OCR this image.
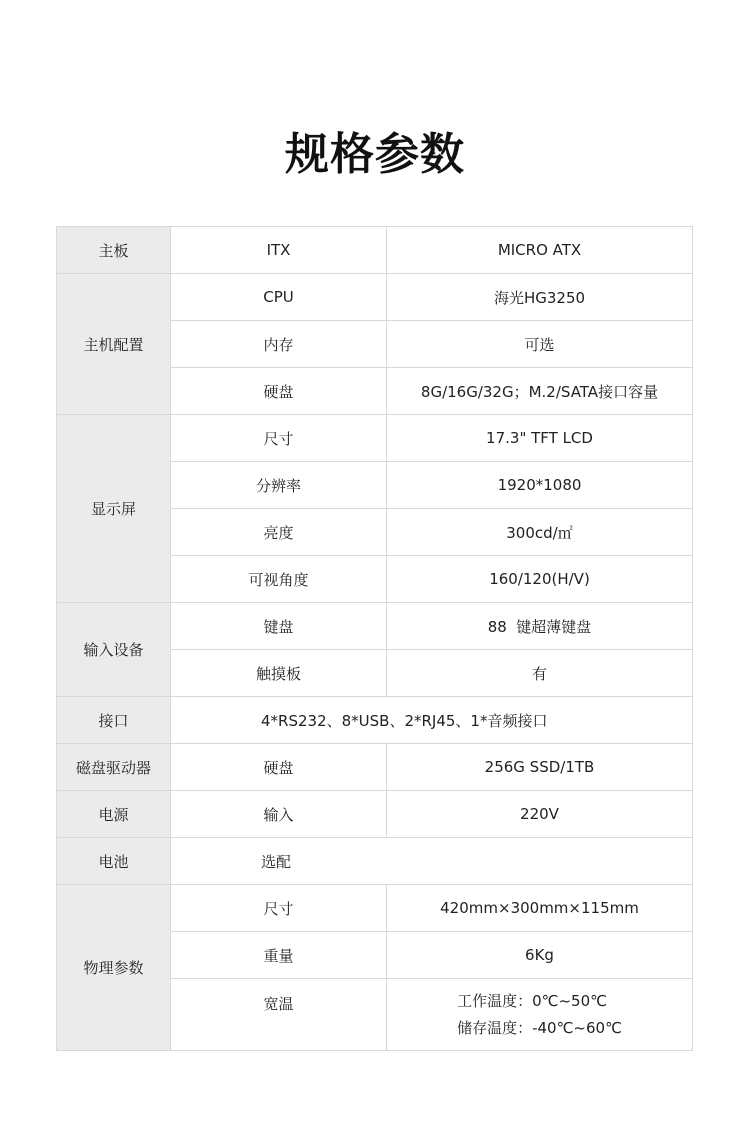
规格参数
主板	ITX	MICRO ATX
主机配置	CPU	海光HG3250
	内存	可选
	硬盘	8G/16G/32G；M.2/SATA接口容量
显示屏	尺寸	17.3" TFT LCD
	分辨率	1920*1080
	亮度	300cd/㎡
	可视角度	160/120(H/V)
输入设备	键盘	88  键超薄键盘
	触摸板	有
接口	4*RS232、8*USB、2*RJ45、1*音频接口	
磁盘驱动器	硬盘	256G SSD/1TB
电源	输入	220V
电池	选配	
物理参数	尺寸	420mm×300mm×115mm
	重量	6Kg
	宽温	工作温度：0℃~50℃
储存温度：-40℃~60℃
